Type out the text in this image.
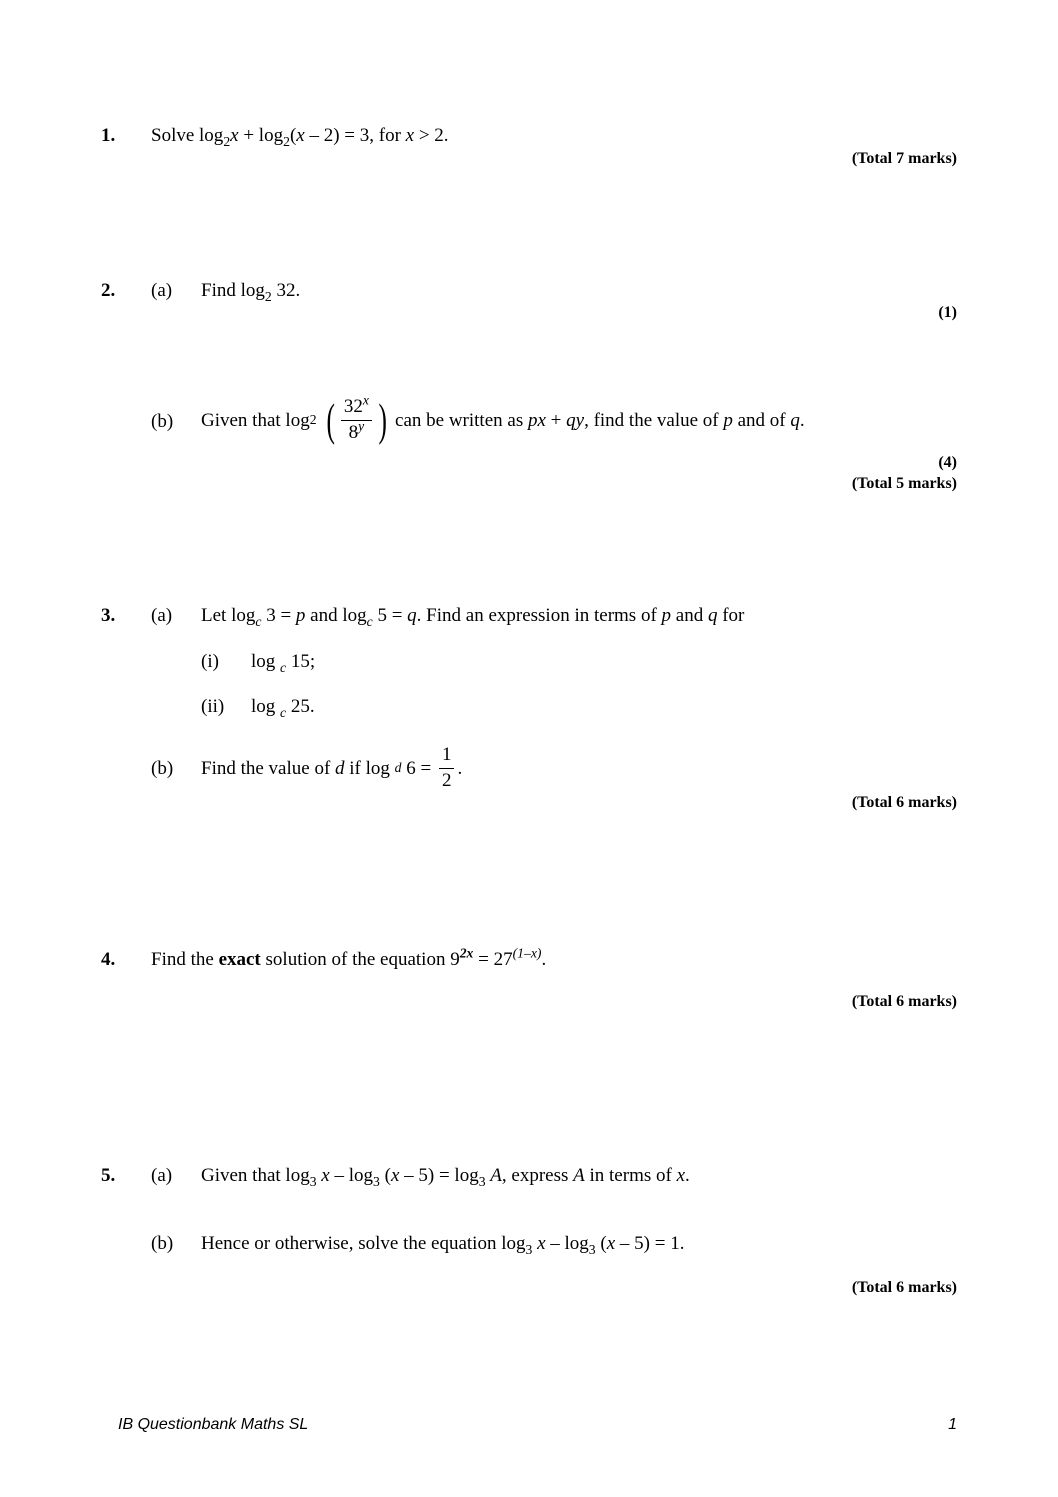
1. Solve $\log_2x + \log_2(x - 2) = 3$, for x > 2.
(Total 7 marks)
2. (a) Find $\log_2 32$.
(1)
(b) Given that log 2 ( $\frac{32^x}{8^y}$ ) can be written as px + qy , find the value of p and of q .
(4)
(Total 5 marks)
3. (a) Let $\log_c 3 = p$ and $\log_c 5 = q$. Find an expression in terms of p and q for
(i) log $_c$ 15;
(ii) log $_c$ 25.
(b) Find the value of d if log d $6 = \frac{1}{2}$ .
(Total 6 marks)
4. Find the exact solution of the equation $9^{2x} = 27^{(1-x)}$.
(Total 6 marks)
5. (a) Given that $\log_3 x - \log_3 (x - 5) = \log_3 A$, express A in terms of x.
(b) Hence or otherwise, solve the equation $\log_3 x - \log_3 (x - 5) = 1$.
(Total 6 marks)
IB Questionbank Maths SL	1
